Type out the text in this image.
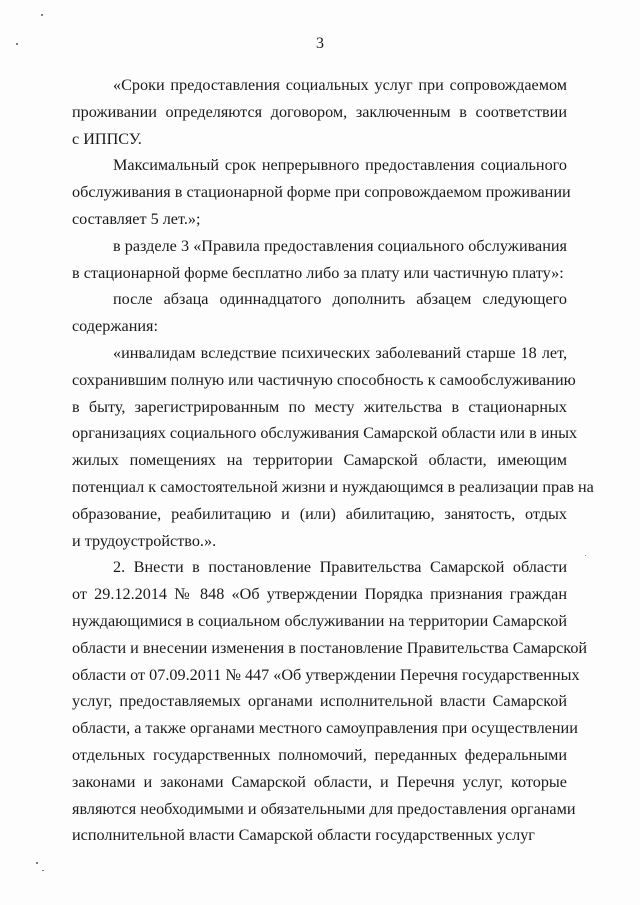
3
«Сроки предоставления социальных услуг при сопровождаемом
проживании определяются договором, заключенным в соответствии
с ИППСУ.
Максимальный срок непрерывного предоставления социального
обслуживания в стационарной форме при сопровождаемом проживании
составляет 5 лет.»;
в разделе 3 «Правила предоставления социального обслуживания
в стационарной форме бесплатно либо за плату или частичную плату»:
после абзаца одиннадцатого дополнить абзацем следующего
содержания:
«инвалидам вследствие психических заболеваний старше 18 лет,
сохранившим полную или частичную способность к самообслуживанию
в быту, зарегистрированным по месту жительства в стационарных
организациях социального обслуживания Самарской области или в иных
жилых помещениях на территории Самарской области, имеющим
потенциал к самостоятельной жизни и нуждающимся в реализации прав на
образование, реабилитацию и (или) абилитацию, занятость, отдых
и трудоустройство.».
2. Внести в постановление Правительства Самарской области
от 29.12.2014 № 848 «Об утверждении Порядка признания граждан
нуждающимися в социальном обслуживании на территории Самарской
области и внесении изменения в постановление Правительства Самарской
области от 07.09.2011 № 447 «Об утверждении Перечня государственных
услуг, предоставляемых органами исполнительной власти Самарской
области, а также органами местного самоуправления при осуществлении
отдельных государственных полномочий, переданных федеральными
законами и законами Самарской области, и Перечня услуг, которые
являются необходимыми и обязательными для предоставления органами
исполнительной власти Самарской области государственных услуг
